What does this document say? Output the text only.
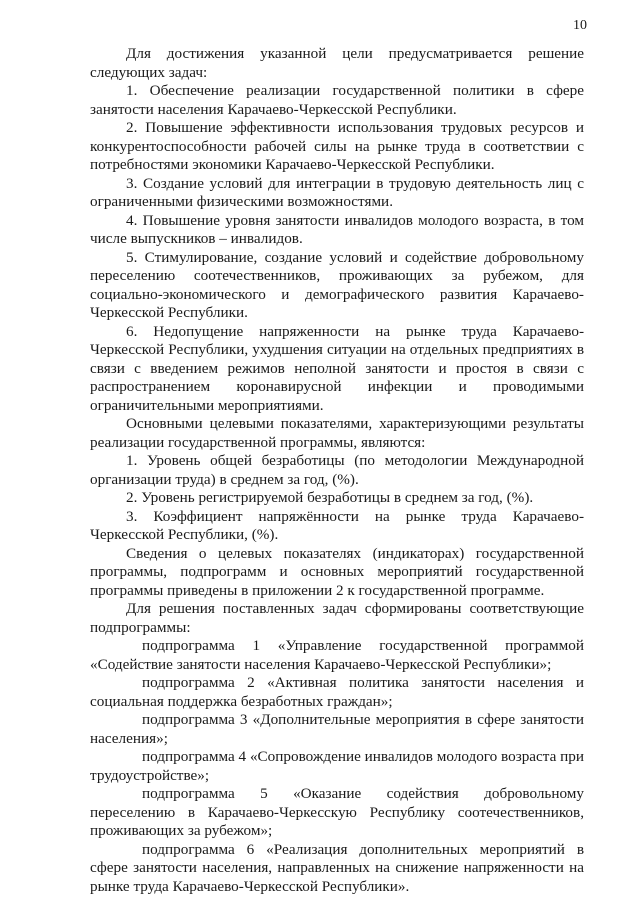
10

Для достижения указанной цели предусматривается решение следующих задач:

1. Обеспечение реализации государственной политики в сфере занятости населения Карачаево-Черкесской Республики.

2. Повышение эффективности использования трудовых ресурсов и конкурентоспособности рабочей силы на рынке труда в соответствии с потребностями экономики Карачаево-Черкесской Республики.

3. Создание условий для интеграции в трудовую деятельность лиц с ограниченными физическими возможностями.

4. Повышение уровня занятости инвалидов молодого возраста, в том числе выпускников – инвалидов.

5. Стимулирование, создание условий и содействие добровольному переселению соотечественников, проживающих за рубежом, для социально-экономического и демографического развития Карачаево-Черкесской Республики.

6. Недопущение напряженности на рынке труда Карачаево-Черкесской Республики, ухудшения ситуации на отдельных предприятиях в связи с введением режимов неполной занятости и простоя в связи с распространением коронавирусной инфекции и проводимыми ограничительными мероприятиями.

Основными целевыми показателями, характеризующими результаты реализации государственной программы, являются:

1. Уровень общей безработицы (по методологии Международной организации труда) в среднем за год, (%).

2. Уровень регистрируемой безработицы в среднем за год, (%).

3. Коэффициент напряжённости на рынке труда Карачаево-Черкесской Республики, (%).

Сведения о целевых показателях (индикаторах) государственной программы, подпрограмм и основных мероприятий государственной программы приведены в приложении 2 к государственной программе.

Для решения поставленных задач сформированы соответствующие подпрограммы:

подпрограмма 1 «Управление государственной программой «Содействие занятости населения Карачаево-Черкесской Республики»;

подпрограмма 2 «Активная политика занятости населения и социальная поддержка безработных граждан»;

подпрограмма 3 «Дополнительные мероприятия в сфере занятости населения»;

подпрограмма 4 «Сопровождение инвалидов молодого возраста при трудоустройстве»;

подпрограмма 5 «Оказание содействия добровольному переселению в Карачаево-Черкесскую Республику соотечественников, проживающих за рубежом»;

подпрограмма 6 «Реализация дополнительных мероприятий в сфере занятости населения, направленных на снижение напряженности на рынке труда Карачаево-Черкесской Республики».
